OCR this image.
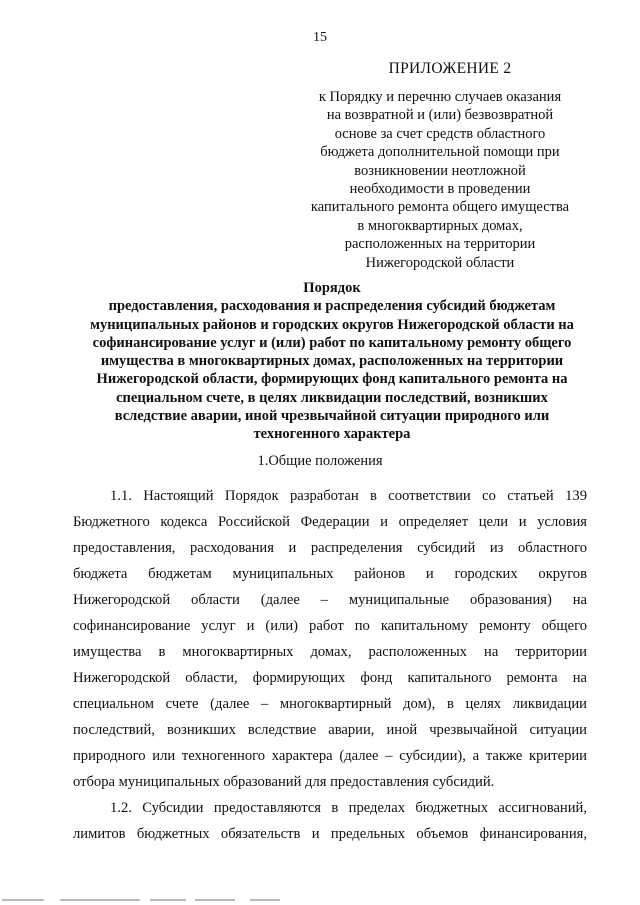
15
ПРИЛОЖЕНИЕ 2
к Порядку и перечню случаев оказания
на возвратной и (или) безвозвратной
основе за счет средств областного
бюджета дополнительной помощи при
возникновении неотложной
необходимости в проведении
капитального ремонта общего имущества
в многоквартирных домах,
расположенных на территории
Нижегородской области
Порядок
предоставления, расходования и распределения субсидий бюджетам
муниципальных районов и городских округов Нижегородской области на
софинансирование услуг и (или) работ по капитальному ремонту общего
имущества в многоквартирных домах, расположенных на территории
Нижегородской области, формирующих фонд капитального ремонта на
специальном счете, в целях ликвидации последствий, возникших
вследствие аварии, иной чрезвычайной ситуации природного или
техногенного характера
1.Общие положения
1.1. Настоящий Порядок разработан в соответствии со статьей 139
Бюджетного кодекса Российской Федерации и определяет цели и условия
предоставления, расходования и распределения субсидий из областного
бюджета бюджетам муниципальных районов и городских округов
Нижегородской области (далее – муниципальные образования) на
софинансирование услуг и (или) работ по капитальному ремонту общего
имущества в многоквартирных домах, расположенных на территории
Нижегородской области, формирующих фонд капитального ремонта на
специальном счете (далее – многоквартирный дом), в целях ликвидации
последствий, возникших вследствие аварии, иной чрезвычайной ситуации
природного или техногенного характера (далее – субсидии), а также критерии
отбора муниципальных образований для предоставления субсидий.
1.2. Субсидии предоставляются в пределах бюджетных ассигнований,
лимитов бюджетных обязательств и предельных объемов финансирования,
